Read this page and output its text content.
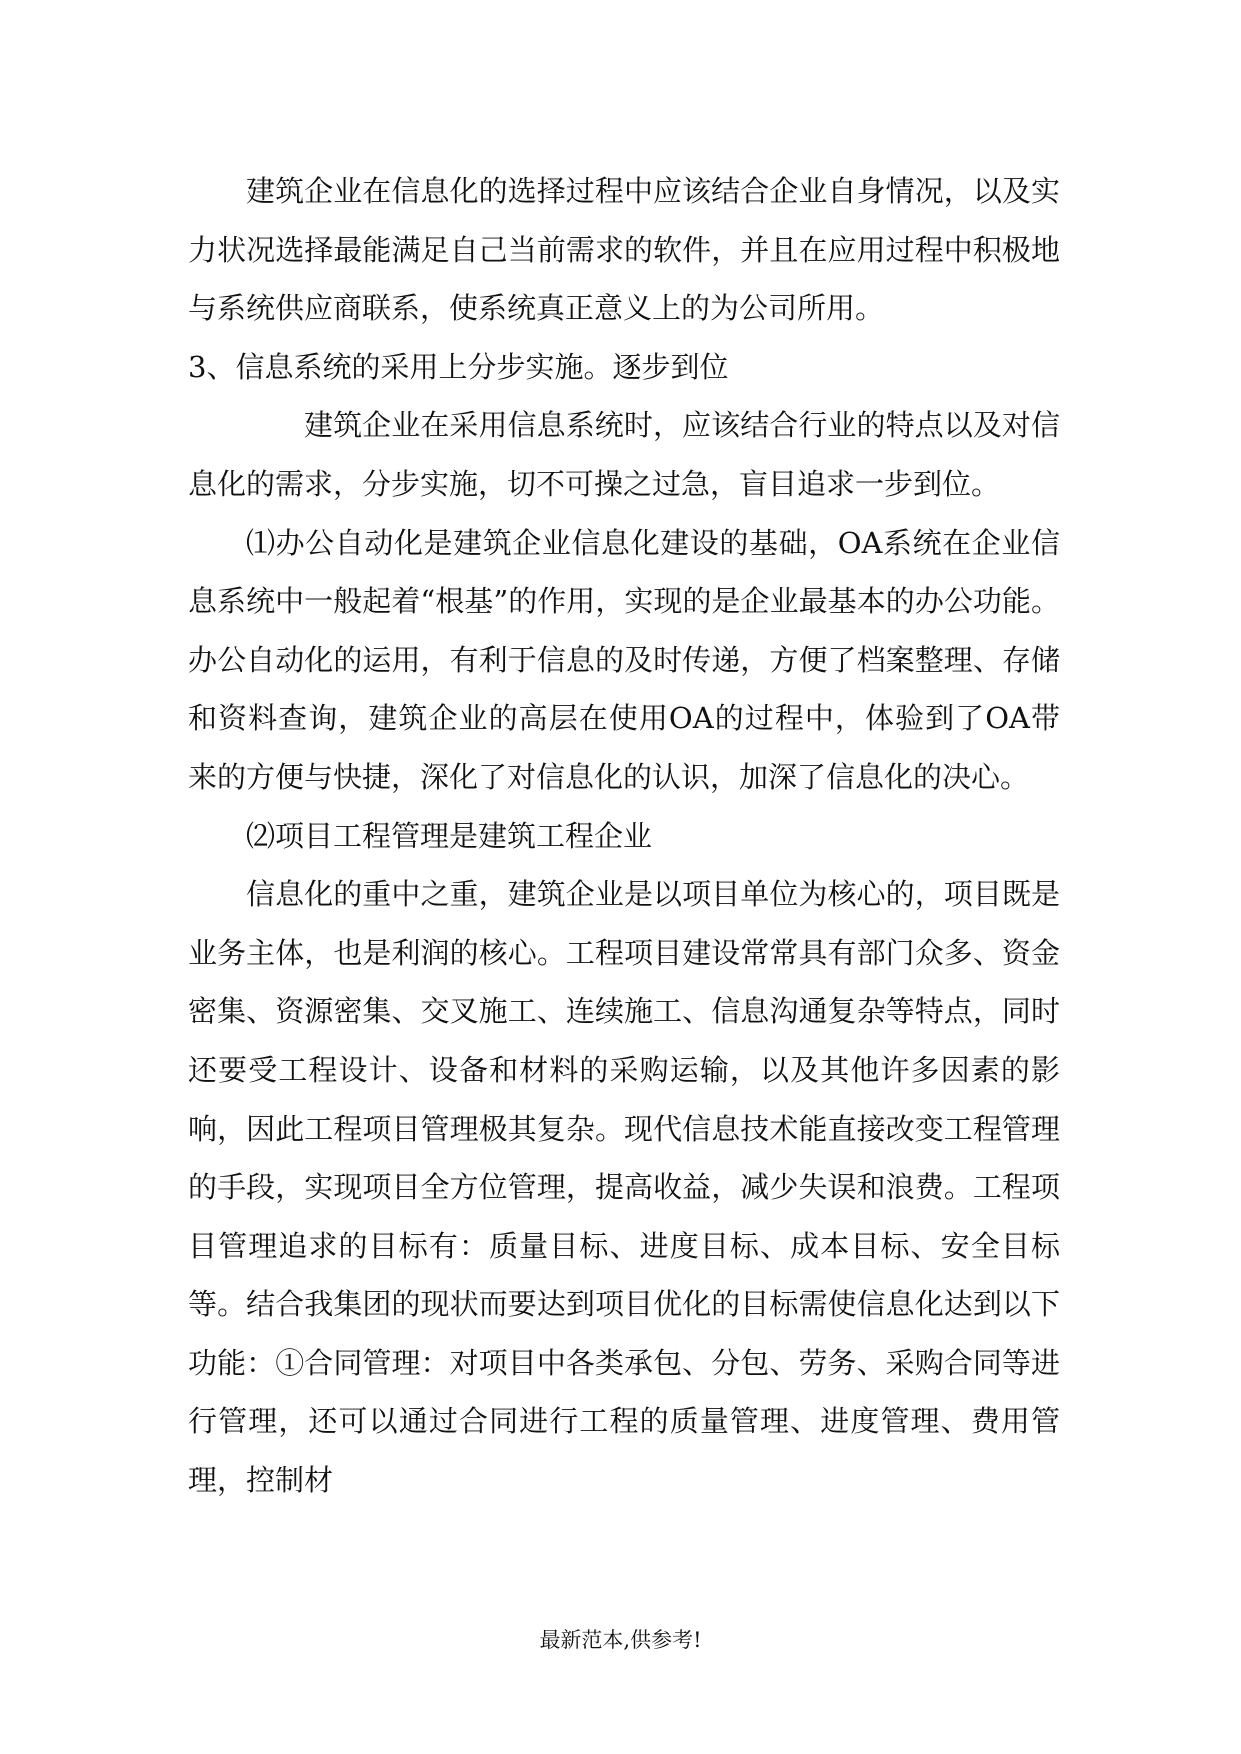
建筑企业在信息化的选择过程中应该结合企业自身情况，以及实力状况选择最能满足自己当前需求的软件，并且在应用过程中积极地与系统供应商联系，使系统真正意义上的为公司所用。

3、信息系统的采用上分步实施。逐步到位

建筑企业在采用信息系统时，应该结合行业的特点以及对信息化的需求，分步实施，切不可操之过急，盲目追求一步到位。

⑴办公自动化是建筑企业信息化建设的基础，OA系统在企业信息系统中一般起着“根基”的作用，实现的是企业最基本的办公功能。办公自动化的运用，有利于信息的及时传递，方便了档案整理、存储和资料查询，建筑企业的高层在使用OA的过程中，体验到了OA带来的方便与快捷，深化了对信息化的认识，加深了信息化的决心。

⑵项目工程管理是建筑工程企业

信息化的重中之重，建筑企业是以项目单位为核心的，项目既是业务主体，也是利润的核心。工程项目建设常常具有部门众多、资金密集、资源密集、交叉施工、连续施工、信息沟通复杂等特点，同时还要受工程设计、设备和材料的采购运输，以及其他许多因素的影响，因此工程项目管理极其复杂。现代信息技术能直接改变工程管理的手段，实现项目全方位管理，提高收益，减少失误和浪费。工程项目管理追求的目标有：质量目标、进度目标、成本目标、安全目标等。结合我集团的现状而要达到项目优化的目标需使信息化达到以下功能：①合同管理：对项目中各类承包、分包、劳务、采购合同等进行管理，还可以通过合同进行工程的质量管理、进度管理、费用管理，控制材

最新范本,供参考!
